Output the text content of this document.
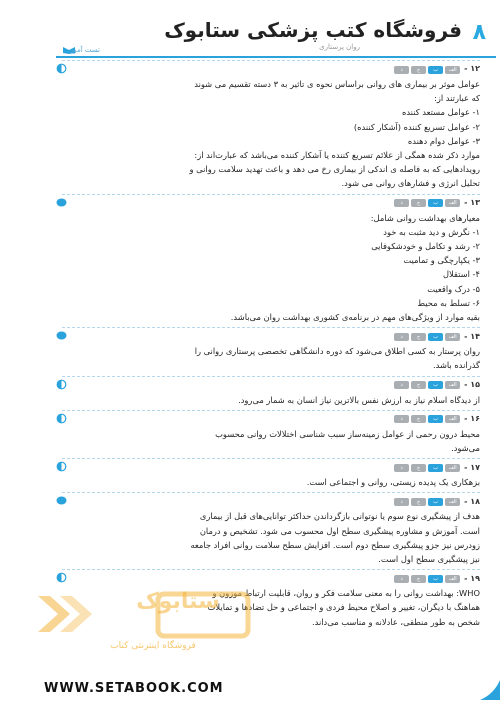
تست آموز	روان پرستاری
فروشگاه کتب پزشکی ستابوک ۸
۱۲ -
الف
ب
ج
د
عوامل موثر بر بیماری های روانی براساس نحوه ی تاثیر به ۳ دسته تقسیم می شوند
که عبارتند از:
۱- عوامل مستعد کننده
۲- عوامل تسریع کننده (آشکار کننده)
۳- عوامل دوام دهنده
موارد ذکر شده همگی از علائم تسریع کننده یا آشکار کننده می‌باشد که عبارت‌اند از:
رویدادهایی که به فاصله ی اندکی از بیماری رخ می دهد و باعث تهدید سلامت روانی و
تحلیل انرژی و فشارهای روانی می شود.
۱۳ -
الف
ب
ج
د
معیارهای بهداشت روانی شامل:
۱- نگرش و دید مثبت به خود
۲- رشد و تکامل و خودشکوفایی
۳- یکپارچگی و تمامیت
۴- استقلال
۵- درک واقعیت
۶- تسلط به محیط
بقیه موارد از ویژگی‌های مهم در برنامه‌ی کشوری بهداشت روان می‌باشد.
۱۴ -
الف
ب
ج
د
روان پرستار به کسی اطلاق می‌شود که دوره دانشگاهی تخصصی پرستاری روانی را
گذرانده باشد.
۱۵ -
الف
ب
ج
د
از دیدگاه اسلام نیاز به ارزش نفس بالاترین نیاز انسان به شمار می‌رود.
۱۶ -
الف
ب
ج
د
محیط درون رحمی از عوامل زمینه‌ساز سبب شناسی اختلالات روانی محسوب
می‌شود.
۱۷ -
الف
ب
ج
د
بزهکاری یک پدیده زیستی، روانی و اجتماعی است.
۱۸ -
الف
ب
ج
د
هدف از پیشگیری نوع سوم یا نوتوانی بازگرداندن حداکثر توانایی‌های قبل از بیماری
است. آموزش و مشاوره پیشگیری سطح اول محسوب می شود. تشخیص و درمان
زودرس نیز جزو پیشگیری سطح دوم است. افزایش سطح سلامت روانی افراد جامعه
نیز پیشگیری سطح اول است.
۱۹ -
الف
ب
ج
د
WHO: بهداشت روانی را به معنی سلامت فکر و روان، قابلیت ارتباط موزون و
هماهنگ با دیگران، تغییر و اصلاح محیط فردی و اجتماعی و حل تضادها و تمایلات
شخص به طور منطقی، عادلانه و مناسب می‌داند.
ستابوک
فروشگاه اینترنتی کتاب
WWW.SETABOOK.COM
